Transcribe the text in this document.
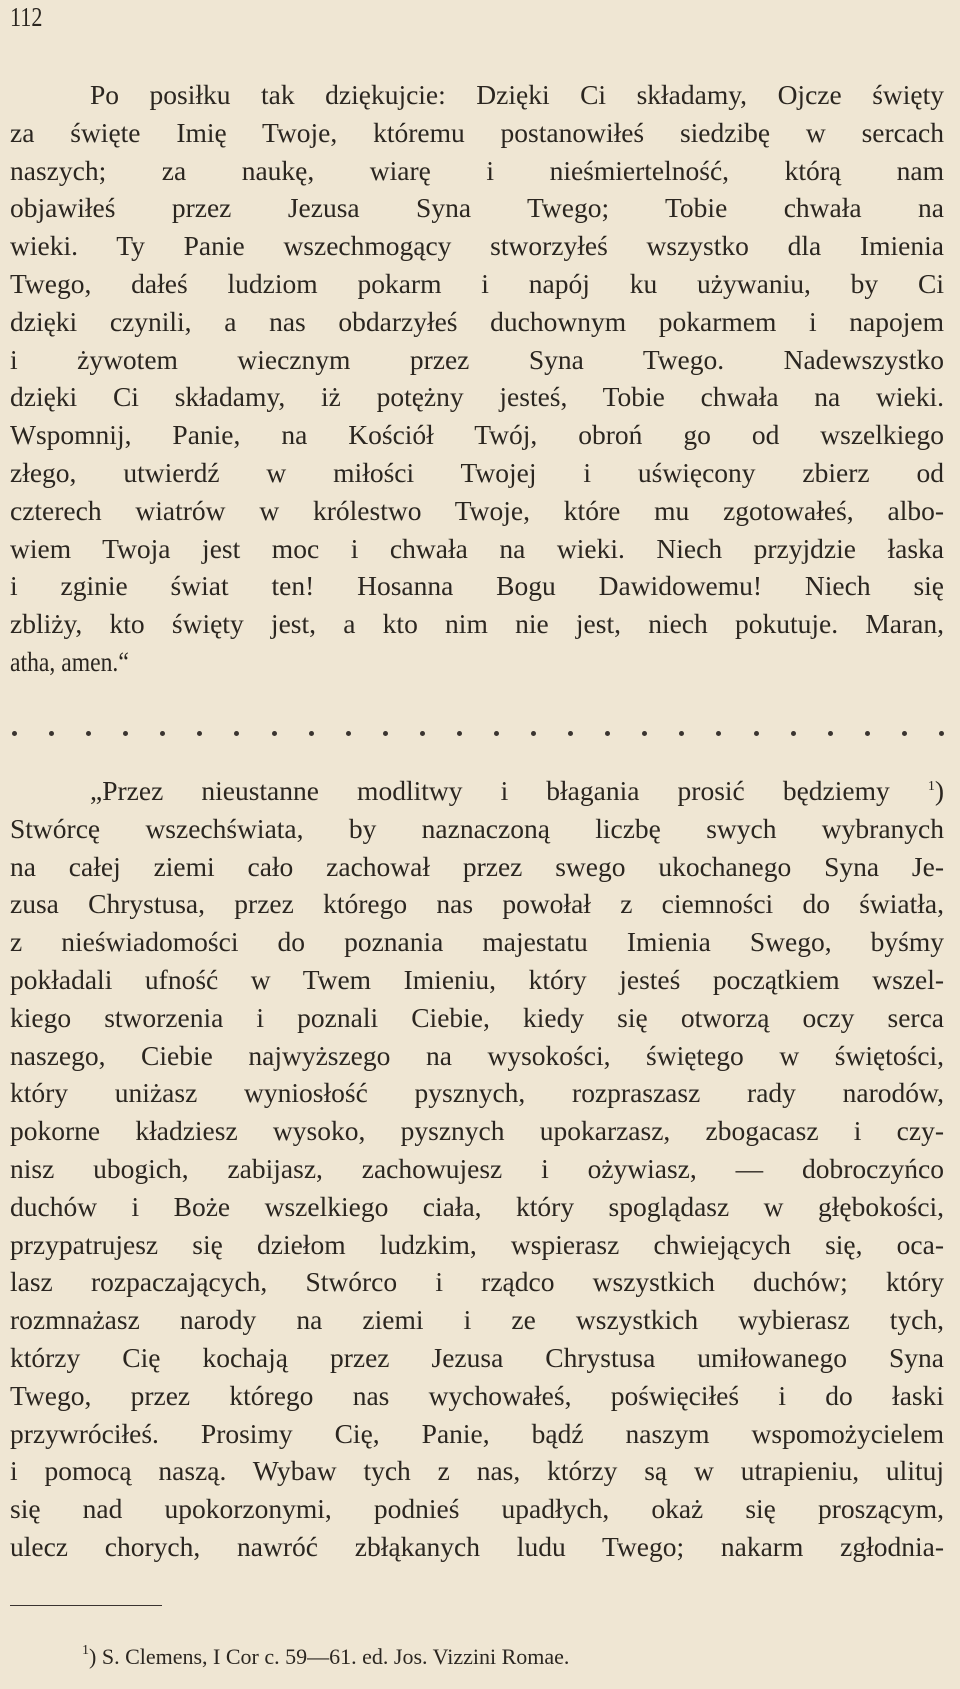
112
Po posiłku tak dziękujcie: Dzięki Ci składamy, Ojcze święty
za święte Imię Twoje, któremu postanowiłeś siedzibę w sercach
naszych; za naukę, wiarę i nieśmiertelność, którą nam
objawiłeś przez Jezusa Syna Twego; Tobie chwała na
wieki. Ty Panie wszechmogący stworzyłeś wszystko dla Imienia
Twego, dałeś ludziom pokarm i napój ku używaniu, by Ci
dzięki czynili, a nas obdarzyłeś duchownym pokarmem i napojem
i żywotem wiecznym przez Syna Twego. Nadewszystko
dzięki Ci składamy, iż potężny jesteś, Tobie chwała na wieki.
Wspomnij, Panie, na Kościół Twój, obroń go od wszelkiego
złego, utwierdź w miłości Twojej i uświęcony zbierz od
czterech wiatrów w królestwo Twoje, które mu zgotowałeś, albo-
wiem Twoja jest moc i chwała na wieki. Niech przyjdzie łaska
i zginie świat ten! Hosanna Bogu Dawidowemu! Niech się
zbliży, kto święty jest, a kto nim nie jest, niech pokutuje. Maran,
atha, amen.“
„Przez nieustanne modlitwy i błagania prosić będziemy	$^1$)
Stwórcę wszechświata, by naznaczoną liczbę swych wybranych
na całej ziemi cało zachował przez swego ukochanego Syna Je-
zusa Chrystusa, przez którego nas powołał z ciemności do światła,
z nieświadomości do poznania majestatu Imienia Swego, byśmy
pokładali ufność w Twem Imieniu, który jesteś początkiem wszel-
kiego stworzenia i poznali Ciebie, kiedy się otworzą oczy serca
naszego, Ciebie najwyższego na wysokości, świętego w świętości,
który uniżasz wyniosłość pysznych, rozpraszasz rady narodów,
pokorne kładziesz wysoko, pysznych upokarzasz, zbogacasz i czy-
nisz ubogich, zabijasz, zachowujesz i ożywiasz, — dobroczyńco
duchów i Boże wszelkiego ciała, który spoglądasz w głębokości,
przypatrujesz się dziełom ludzkim, wspierasz chwiejących się, oca-
lasz rozpaczających, Stwórco i rządco wszystkich duchów; który
rozmnażasz narody na ziemi i ze wszystkich wybierasz tych,
którzy Cię kochają przez Jezusa Chrystusa umiłowanego Syna
Twego, przez którego nas wychowałeś, poświęciłeś i do łaski
przywróciłeś. Prosimy Cię, Panie, bądź naszym wspomożycielem
i pomocą naszą. Wybaw tych z nas, którzy są w utrapieniu, ulituj
się nad upokorzonymi, podnieś upadłych, okaż się proszącym,
ulecz chorych, nawróć zbłąkanych ludu Twego; nakarm zgłodnia-
$^1$) S. Clemens, I Cor c. 59—61. ed. Jos. Vizzini Romae.
